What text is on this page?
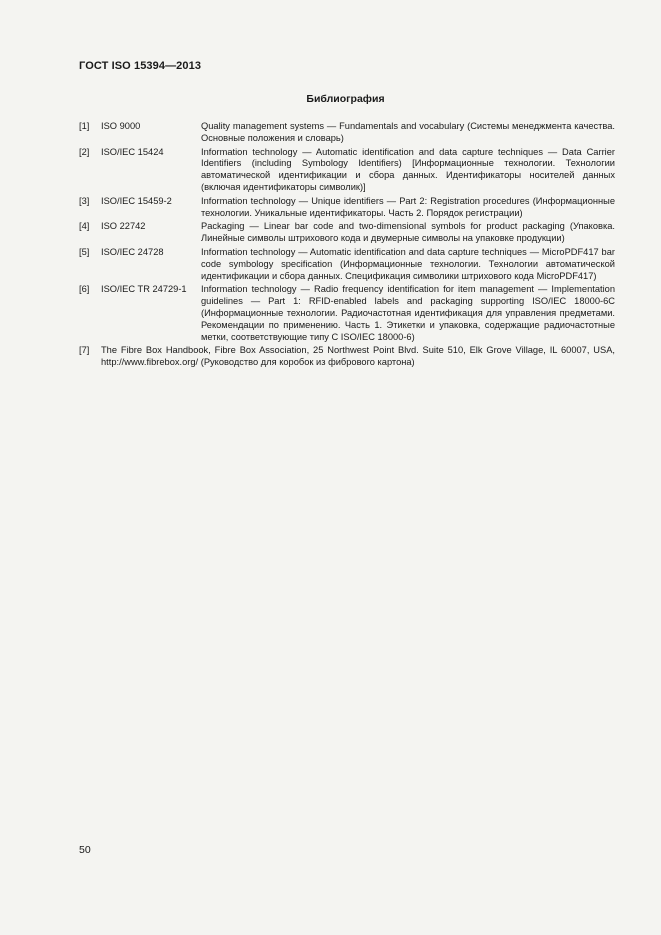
ГОСТ ISO 15394—2013
Библиография
[1]	ISO 9000	Quality management systems — Fundamentals and vocabulary (Системы менеджмента качества. Основные положения и словарь)
[2]	ISO/IEC 15424	Information technology — Automatic identification and data capture techniques — Data Carrier Identifiers (including Symbology Identifiers) [Информационные технологии. Технологии автоматической идентификации и сбора данных. Идентификаторы носителей данных (включая идентификаторы символик)]
[3]	ISO/IEC 15459-2	Information technology — Unique identifiers — Part 2: Registration procedures (Информационные технологии. Уникальные идентификаторы. Часть 2. Порядок регистрации)
[4]	ISO 22742	Packaging — Linear bar code and two-dimensional symbols for product packaging (Упаковка. Линейные символы штрихового кода и двумерные символы на упаковке продукции)
[5]	ISO/IEC 24728	Information technology — Automatic identification and data capture techniques — MicroPDF417 bar code symbology specification (Информационные технологии. Технологии автоматической идентификации и сбора данных. Спецификация символики штрихового кода MicroPDF417)
[6]	ISO/IEC TR 24729-1	Information technology — Radio frequency identification for item management — Implementation guidelines — Part 1: RFID-enabled labels and packaging supporting ISO/IEC 18000-6C (Информационные технологии. Радиочастотная идентификация для управления предметами. Рекомендации по применению. Часть 1. Этикетки и упаковка, содержащие радиочастотные метки, соответствующие типу C ISO/IEC 18000-6)
[7]	The Fibre Box Handbook, Fibre Box Association, 25 Northwest Point Blvd. Suite 510, Elk Grove Village, IL 60007, USA, http://www.fibrebox.org/ (Руководство для коробок из фибрового картона)
50
